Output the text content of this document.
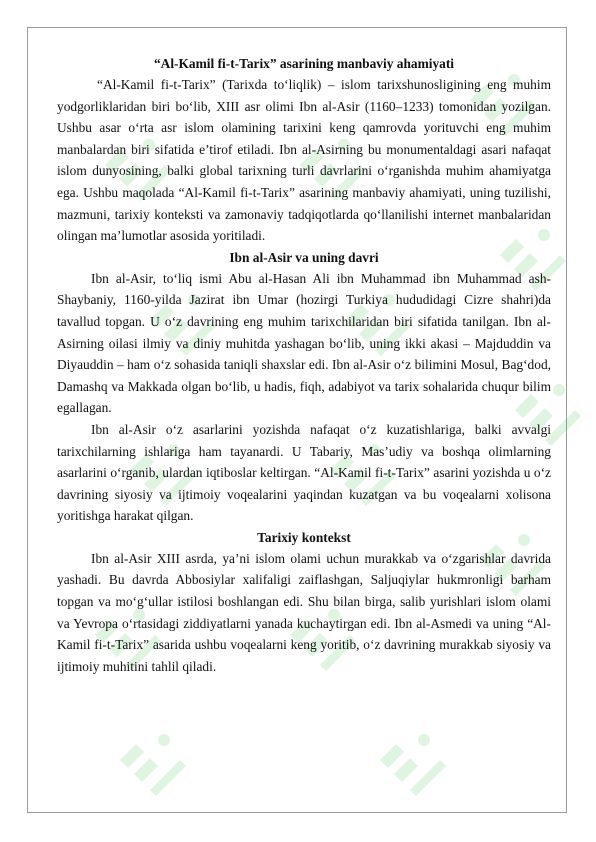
“Al-Kamil fi-t-Tarix” asarining manbaviy ahamiyati

“Al-Kamil fi-t-Tarix” (Tarixda to‘liqlik) – islom tarixshunosligining eng muhim yodgorliklaridan biri bo‘lib, XIII asr olimi Ibn al-Asir (1160–1233) tomonidan yozilgan. Ushbu asar o‘rta asr islom olamining tarixini keng qamrovda yorituvchi eng muhim manbalardan biri sifatida e’tirof etiladi. Ibn al-Asirning bu monumentaldagi asari nafaqat islom dunyosining, balki global tarixning turli davrlarini o‘rganishda muhim ahamiyatga ega. Ushbu maqolada “Al-Kamil fi-t-Tarix” asarining manbaviy ahamiyati, uning tuzilishi, mazmuni, tarixiy konteksti va zamonaviy tadqiqotlarda qo‘llanilishi internet manbalaridan olingan ma’lumotlar asosida yoritiladi.

Ibn al-Asir va uning davri

Ibn al-Asir, to‘liq ismi Abu al-Hasan Ali ibn Muhammad ibn Muhammad ash-Shaybaniy, 1160-yilda Jazirat ibn Umar (hozirgi Turkiya hududidagi Cizre shahri)da tavallud topgan. U o‘z davrining eng muhim tarixchilaridan biri sifatida tanilgan. Ibn al-Asirning oilasi ilmiy va diniy muhitda yashagan bo‘lib, uning ikki akasi – Majduddin va Diyauddin – ham o‘z sohasida taniqli shaxslar edi. Ibn al-Asir o‘z bilimini Mosul, Bag‘dod, Damashq va Makkada olgan bo‘lib, u hadis, fiqh, adabiyot va tarix sohalarida chuqur bilim egallagan.

Ibn al-Asir o‘z asarlarini yozishda nafaqat o‘z kuzatishlariga, balki avvalgi tarixchilarning ishlariga ham tayanardi. U Tabariy, Mas’udiy va boshqa olimlarning asarlarini o‘rganib, ulardan iqtiboslar keltirgan. “Al-Kamil fi-t-Tarix” asarini yozishda u o‘z davrining siyosiy va ijtimoiy voqealarini yaqindan kuzatgan va bu voqealarni xolisona yoritishga harakat qilgan.

Tarixiy kontekst

Ibn al-Asir XIII asrda, ya’ni islom olami uchun murakkab va o‘zgarishlar davrida yashadi. Bu davrda Abbosiylar xalifaligi zaiflashgan, Saljuqiylar hukmronligi barham topgan va mo‘g‘ullar istilosi boshlangan edi. Shu bilan birga, salib yurishlari islom olami va Yevropa o‘rtasidagi ziddiyatlarni yanada kuchaytirgan edi. Ibn al-Asmedi va uning “Al-Kamil fi-t-Tarix” asarida ushbu voqealarni keng yoritib, o‘z davrining murakkab siyosiy va ijtimoiy muhitini tahlil qiladi.
